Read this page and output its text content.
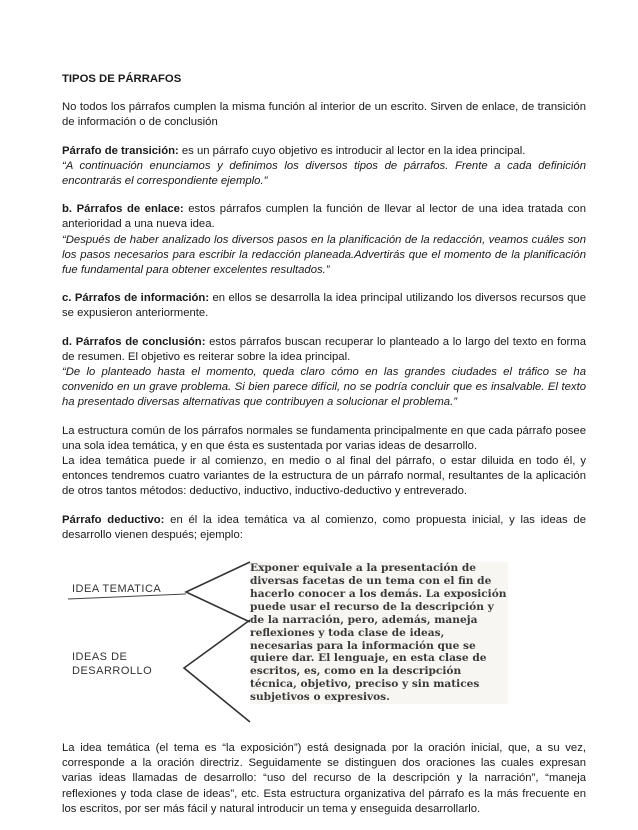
TIPOS DE PÁRRAFOS

No todos los párrafos cumplen la misma función al interior de un escrito. Sirven de enlace, de transición de información o de conclusión

Párrafo de transición: es un párrafo cuyo objetivo es introducir al lector en la idea principal.

“A continuación enunciamos y definimos los diversos tipos de párrafos. Frente a cada definición encontrarás el correspondiente ejemplo.”

b. Párrafos de enlace: estos párrafos cumplen la función de llevar al lector de una idea tratada con anterioridad a una nueva idea.

“Después de haber analizado los diversos pasos en la planificación de la redacción, veamos cuáles son los pasos necesarios para escribir la redacción planeada.Advertirás que el momento de la planificación fue fundamental para obtener excelentes resultados.”

c. Párrafos de información: en ellos se desarrolla la idea principal utilizando los diversos recursos que se expusieron anteriormente.

d. Párrafos de conclusión: estos párrafos buscan recuperar lo planteado a lo largo del texto en forma de resumen. El objetivo es reiterar sobre la idea principal.

“De lo planteado hasta el momento, queda claro cómo en las grandes ciudades el tráfico se ha convenido en un grave problema. Si bien parece difícil, no se podría concluir que es insalvable. El texto ha presentado diversas alternativas que contribuyen a solucionar el problema.”

La estructura común de los párrafos normales se fundamenta principalmente en que cada párrafo posee una sola idea temática, y en que ésta es sustentada por varias ideas de desarrollo.

La idea temática puede ir al comienzo, en medio o al final del párrafo, o estar diluida en todo él, y entonces tendremos cuatro variantes de la estructura de un párrafo normal, resultantes de la aplicación de otros tantos métodos: deductivo, inductivo, inductivo-deductivo y entreverado.

Párrafo deductivo: en él la idea temática va al comienzo, como propuesta inicial, y las ideas de desarrollo vienen después; ejemplo:

IDEA TEMATICA
IDEAS DE
DESARROLLO
Exponer equivale a la presentación de diversas facetas de un tema con el fin de hacerlo conocer a los demás. La exposición puede usar el recurso de la descripción y de la narración, pero, además, maneja reflexiones y toda clase de ideas, necesarias para la información que se quiere dar. El lenguaje, en esta clase de escritos, es, como en la descripción técnica, objetivo, preciso y sin matices subjetivos o expresivos.

La idea temática (el tema es “la exposición”) está designada por la oración inicial, que, a su vez, corresponde a la oración directriz. Seguidamente se distinguen dos oraciones las cuales expresan varias ideas llamadas de desarrollo: “uso del recurso de la descripción y la narración”, “maneja reflexiones y toda clase de ideas”, etc. Esta estructura organizativa del párrafo es la más frecuente en los escritos, por ser más fácil y natural introducir un tema y enseguida desarrollarlo.
